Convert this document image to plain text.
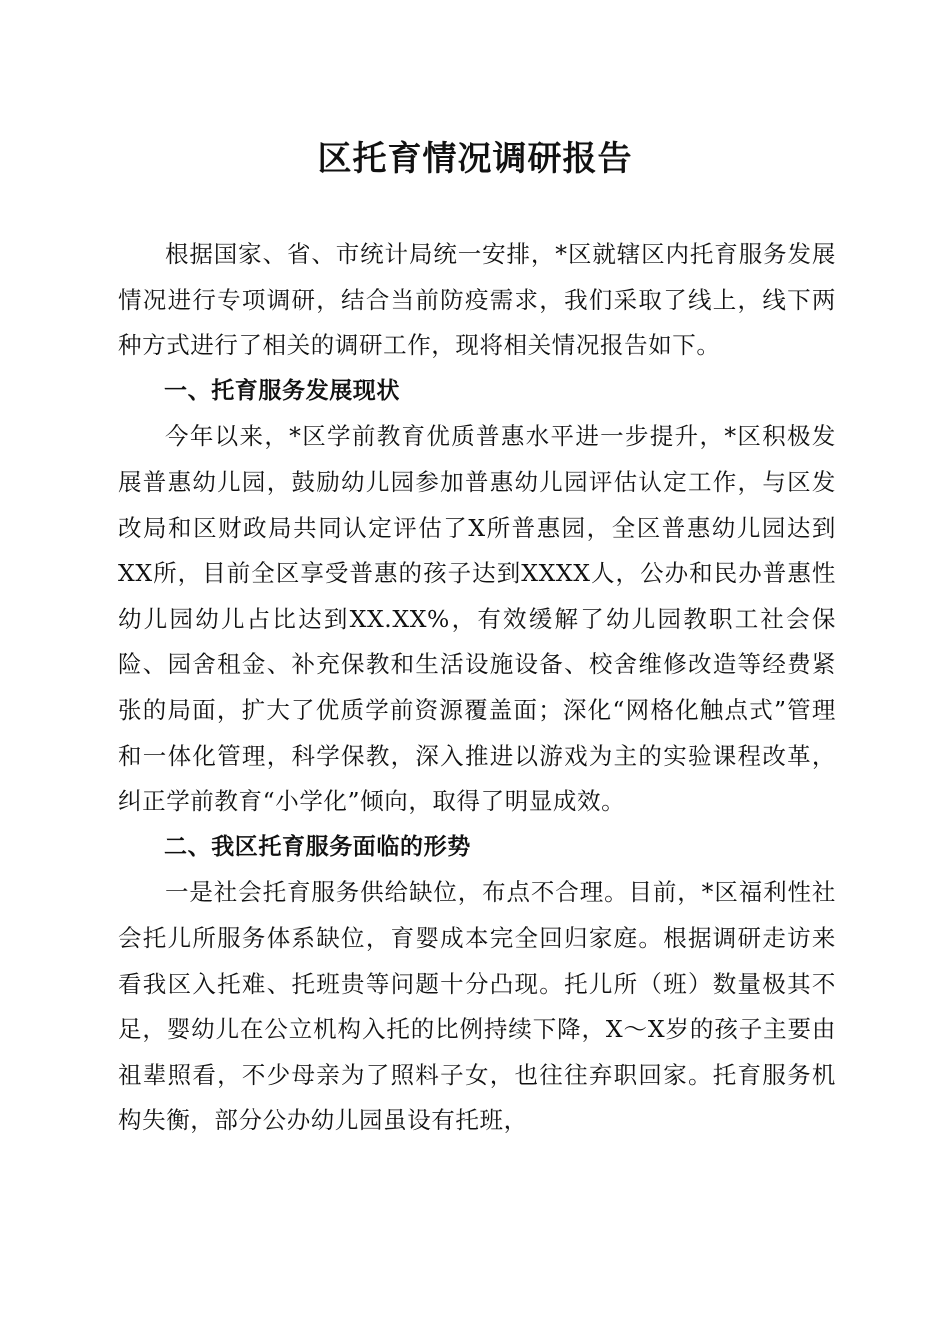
区托育情况调研报告

根据国家、省、市统计局统一安排，*区就辖区内托育服务发展情况进行专项调研，结合当前防疫需求，我们采取了线上，线下两种方式进行了相关的调研工作，现将相关情况报告如下。

一、托育服务发展现状

今年以来，*区学前教育优质普惠水平进一步提升，*区积极发展普惠幼儿园，鼓励幼儿园参加普惠幼儿园评估认定工作，与区发改局和区财政局共同认定评估了X所普惠园，全区普惠幼儿园达到XX所，目前全区享受普惠的孩子达到XXXX人，公办和民办普惠性幼儿园幼儿占比达到XX.XX%，有效缓解了幼儿园教职工社会保险、园舍租金、补充保教和生活设施设备、校舍维修改造等经费紧张的局面，扩大了优质学前资源覆盖面；深化“网格化触点式”管理和一体化管理，科学保教，深入推进以游戏为主的实验课程改革，纠正学前教育“小学化”倾向，取得了明显成效。

二、我区托育服务面临的形势

一是社会托育服务供给缺位，布点不合理。目前，*区福利性社会托儿所服务体系缺位，育婴成本完全回归家庭。根据调研走访来看我区入托难、托班贵等问题十分凸现。托儿所（班）数量极其不足，婴幼儿在公立机构入托的比例持续下降，X～X岁的孩子主要由祖辈照看，不少母亲为了照料子女，也往往弃职回家。托育服务机构失衡，部分公办幼儿园虽设有托班，
